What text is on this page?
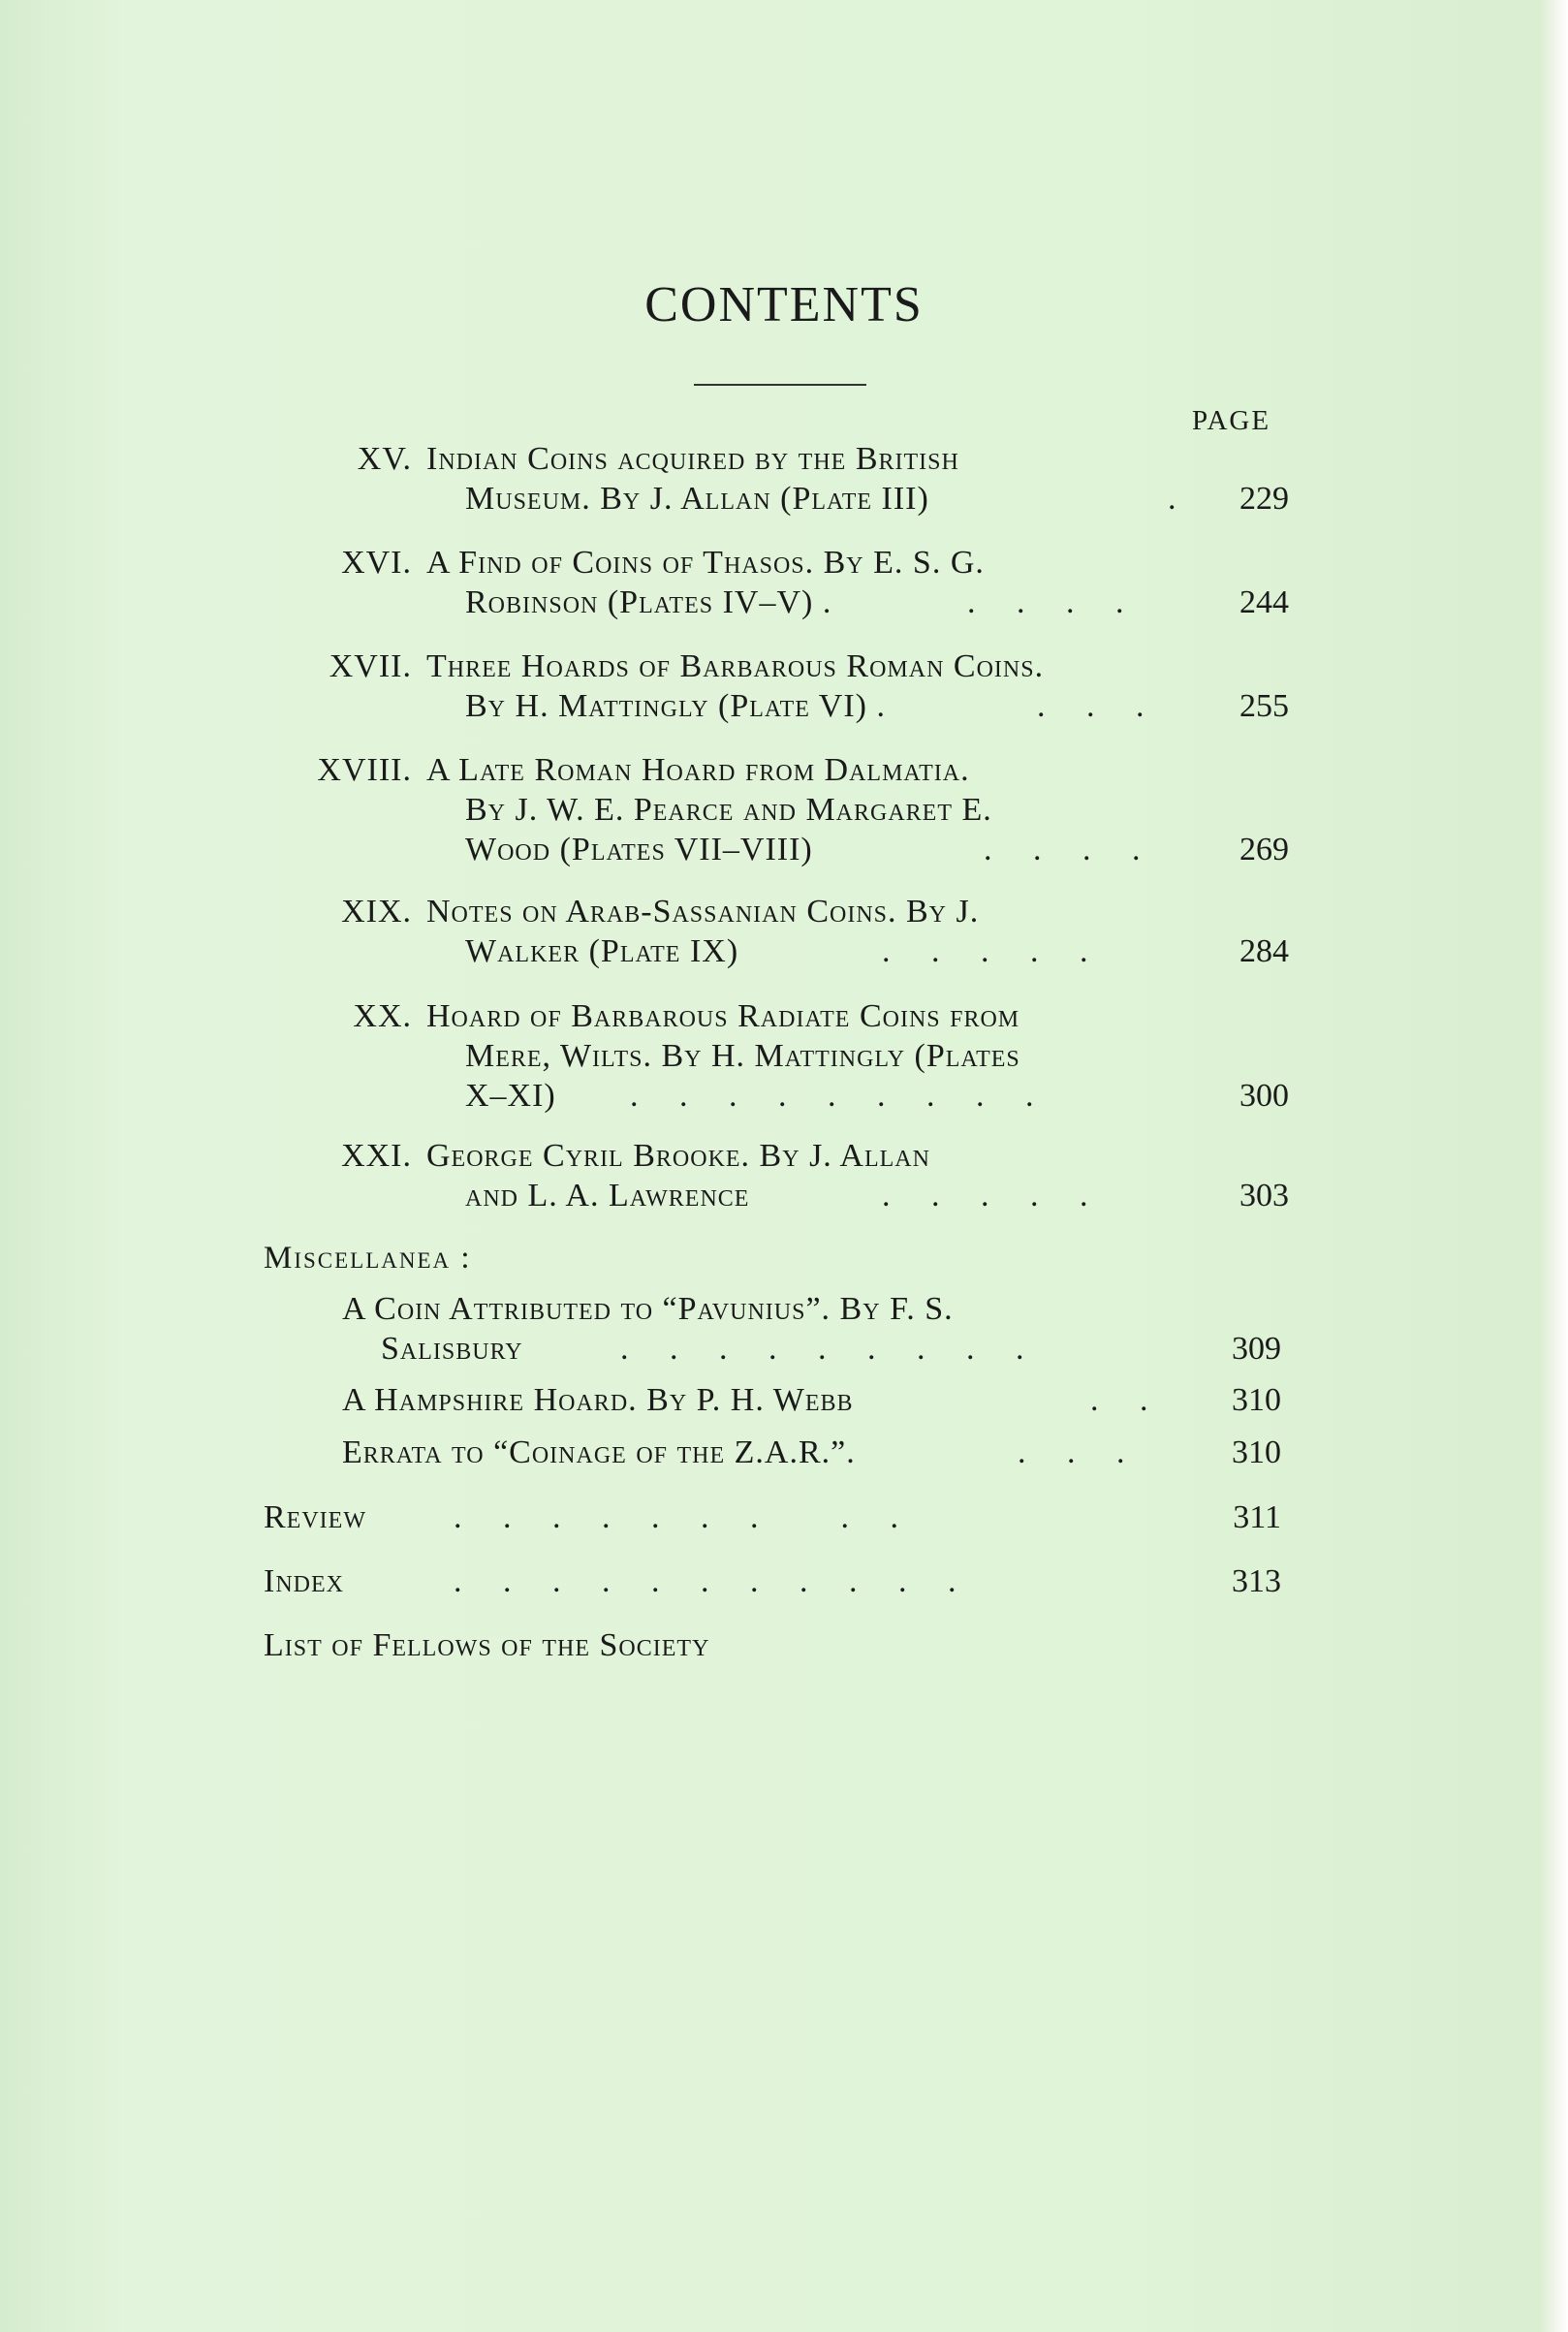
CONTENTS
PAGE
XV. Indian Coins acquired by the British
Museum. By J. Allan (Plate III)	.	229
XVI. A Find of Coins of Thasos. By E. S. G.
Robinson (Plates IV–V) .	.     .     .     .	244
XVII. Three Hoards of Barbarous Roman Coins.
By H. Mattingly (Plate VI) .	.     .     .	255
XVIII. A Late Roman Hoard from Dalmatia.
By J. W. E. Pearce and Margaret E.
Wood (Plates VII–VIII)	.     .     .     .	269
XIX. Notes on Arab-Sassanian Coins. By J.
Walker (Plate IX)	.     .     .     .     .	284
XX. Hoard of Barbarous Radiate Coins from
Mere, Wilts. By H. Mattingly (Plates
X–XI) .     .     .     .     .     .     .     .     .	300
XXI. George Cyril Brooke. By J. Allan
and L. A. Lawrence	.     .     .     .     .	303
Miscellanea :
A Coin Attributed to “Pavunius”. By F. S.
Salisbury	.     .     .     .     .     .     .     .     .	309
A Hampshire Hoard. By P. H. Webb	.     .	310
Errata to “Coinage of the Z.A.R.”.	.     .     .	310
Review	.     .     .     .     .     .     .          .     .	311
Index	.     .     .     .     .     .     .     .     .     .     .	313
List of Fellows of the Society
